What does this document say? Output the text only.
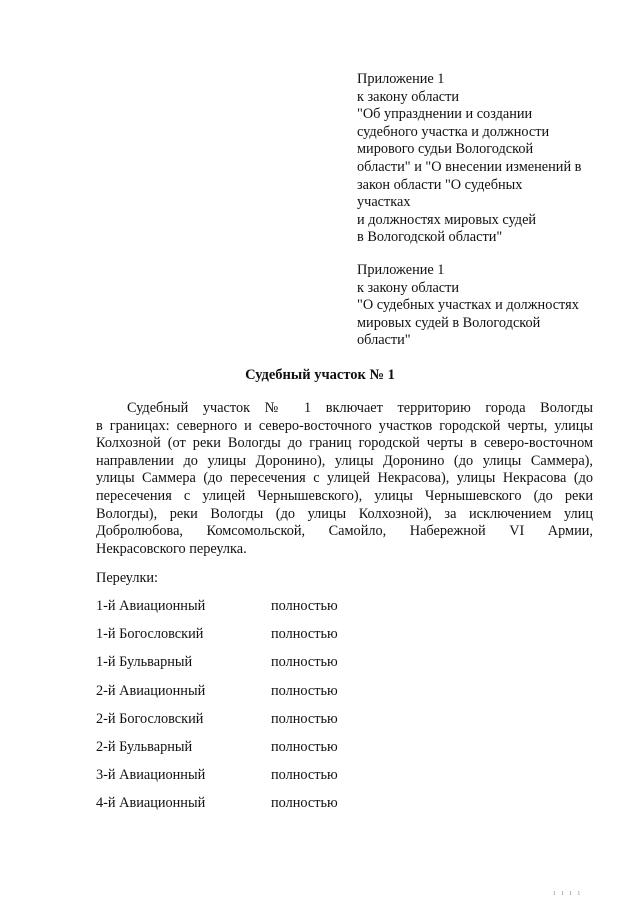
Приложение 1
к закону области
"Об упразднении и создании
судебного участка и должности
мирового судьи Вологодской
области" и "О внесении изменений в
закон области "О судебных
участках
и должностях мировых судей
в Вологодской области"
Приложение 1
к закону области
"О судебных участках и должностях
мировых судей в Вологодской
области"
Судебный участок № 1
Судебный участок № 1 включает территорию города Вологды
в границах: северного и северо-восточного участков городской черты, улицы
Колхозной (от реки Вологды до границ городской черты в северо-восточном
направлении до улицы Доронино), улицы Доронино (до улицы Саммера),
улицы Саммера (до пересечения с улицей Некрасова), улицы Некрасова (до
пересечения с улицей Чернышевского), улицы Чернышевского (до реки
Вологды), реки Вологды (до улицы Колхозной), за исключением улиц
Добролюбова, Комсомольской, Самойло, Набережной VI Армии,
Некрасовского переулка.
Переулки:
1-й Авиационный	полностью
1-й Богословский	полностью
1-й Бульварный	полностью
2-й Авиационный	полностью
2-й Богословский	полностью
2-й Бульварный	полностью
3-й Авиационный	полностью
4-й Авиационный	полностью
ı ı ı ı
